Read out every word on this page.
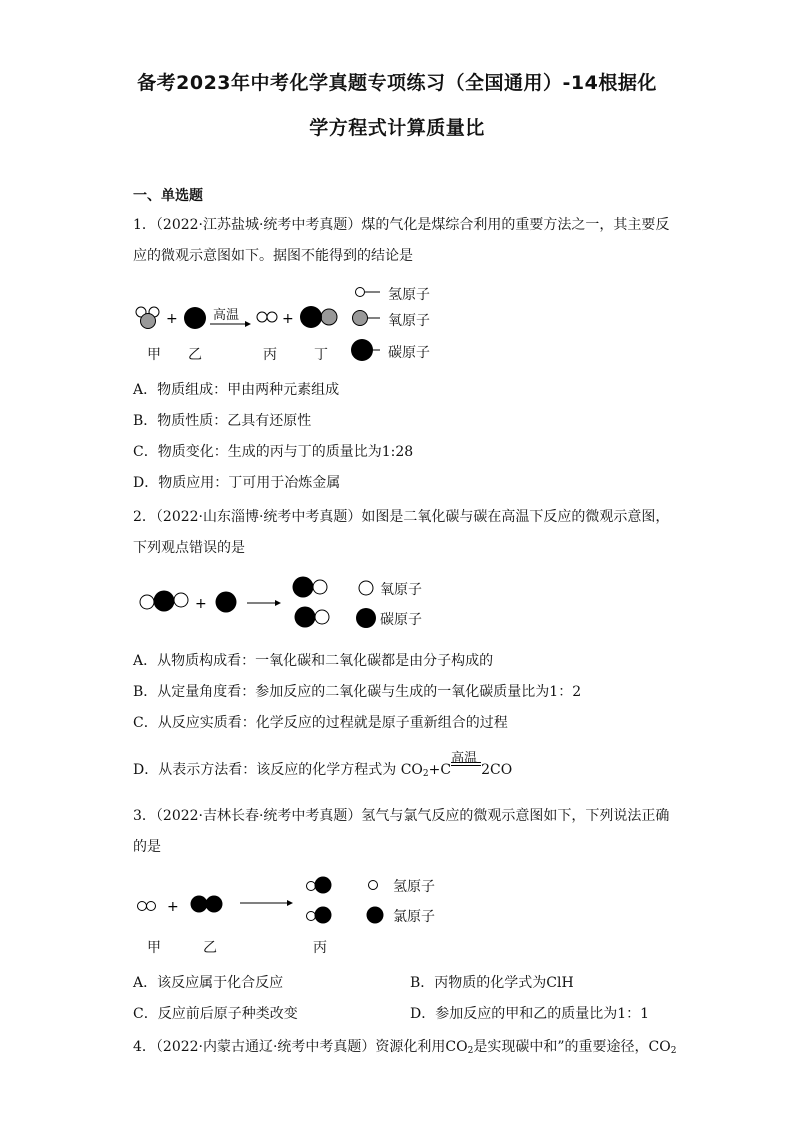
备考2023年中考化学真题专项练习（全国通用）-14根据化
学方程式计算质量比
一、单选题
1．（2022·江苏盐城·统考中考真题）煤的气化是煤综合利用的重要方法之一，其主要反
应的微观示意图如下。据图不能得到的结论是
+	+
+
+
高温
甲 乙	丙	丁
氢原子
氧原子
碳原子
A．物质组成：甲由两种元素组成
B．物质性质：乙具有还原性
C．物质变化：生成的丙与丁的质量比为1:28
D．物质应用：丁可用于冶炼金属
2．（2022·山东淄博·统考中考真题）如图是二氧化碳与碳在高温下反应的微观示意图，
下列观点错误的是
氧原子
碳原子
A．从物质构成看：一氧化碳和二氧化碳都是由分子构成的
B．从定量角度看：参加反应的二氧化碳与生成的一氧化碳质量比为1：2
C．从反应实质看：化学反应的过程就是原子重新组合的过程
D．从表示方法看：该反应的化学方程式为 $CO_2+C$
高温
2CO
3．（2022·吉林长春·统考中考真题）氢气与氯气反应的微观示意图如下，下列说法正确
的是
甲	乙	丙
氢原子
氯原子
A．该反应属于化合反应	B．丙物质的化学式为ClH
C．反应前后原子种类改变	D．参加反应的甲和乙的质量比为1：1
4．（2022·内蒙古通辽·统考中考真题）资源化利用$CO_2$是实现碳中和”的重要途径，$CO_2$
